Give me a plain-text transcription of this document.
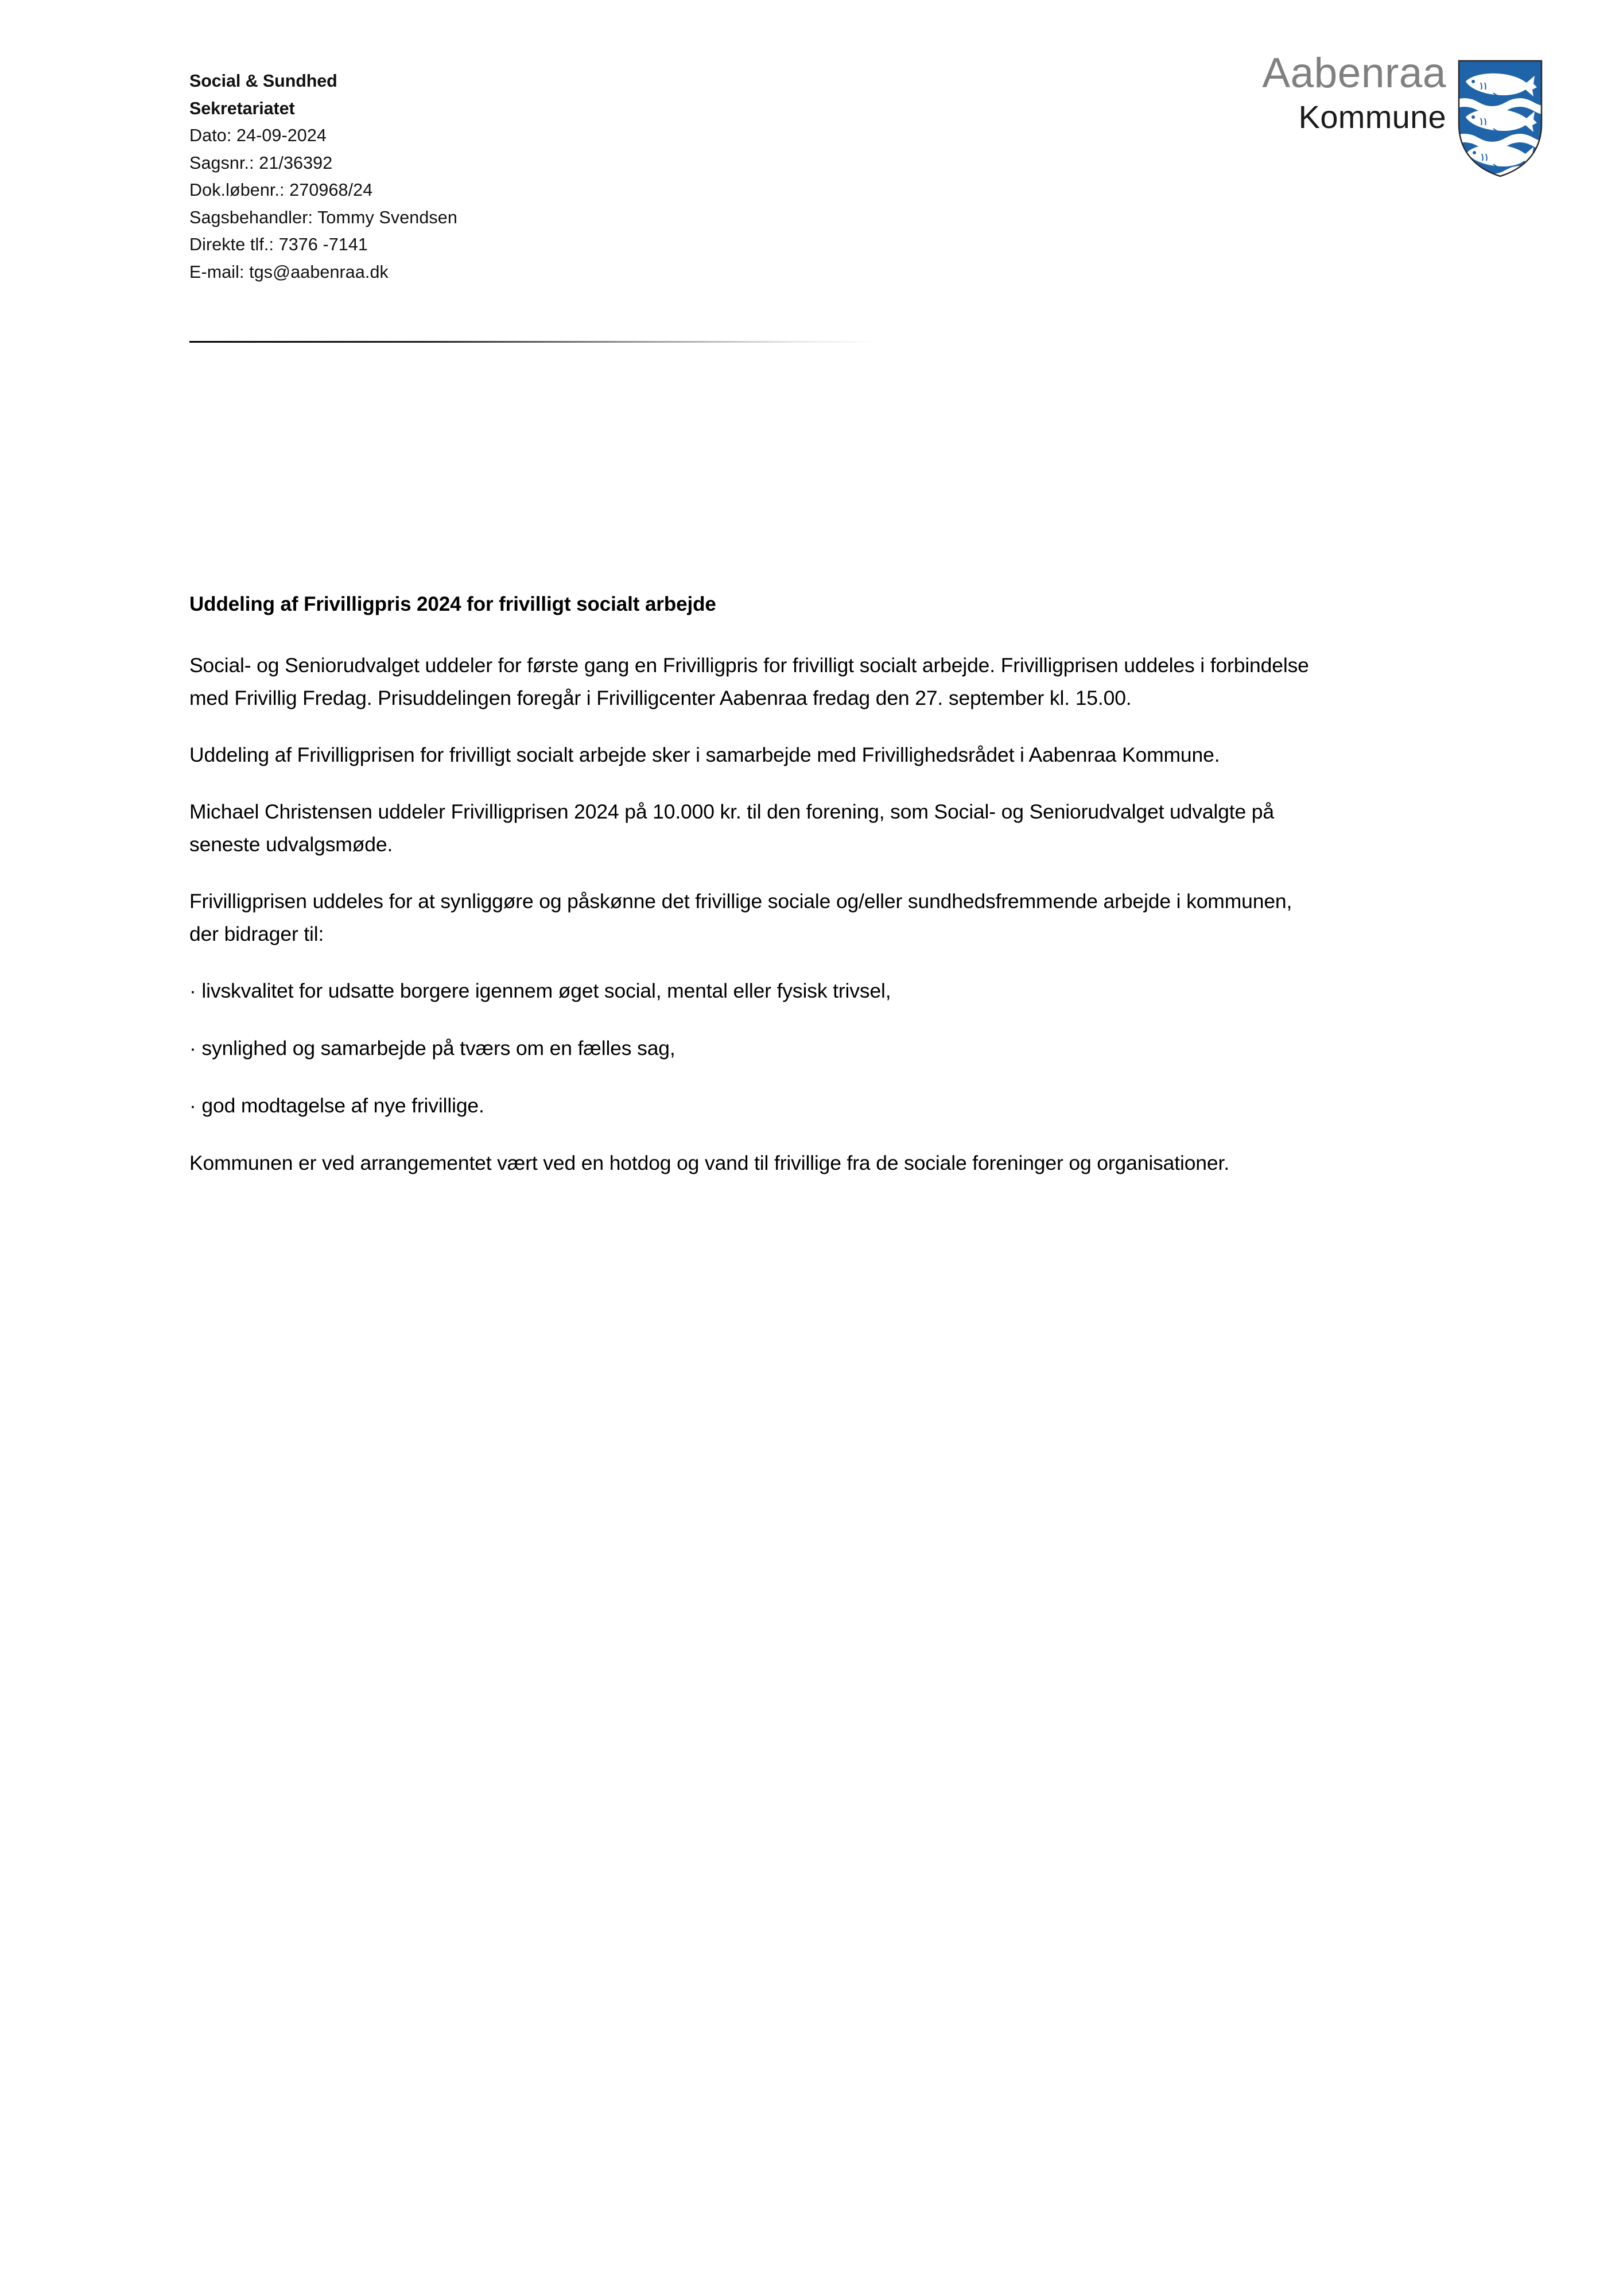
Social & Sundhed
Sekretariatet
Dato: 24-09-2024
Sagsnr.: 21/36392
Dok.løbenr.: 270968/24
Sagsbehandler: Tommy Svendsen
Direkte tlf.: 7376 -7141
E-mail: tgs@aabenraa.dk
Aabenraa
Kommune
Uddeling af Frivilligpris 2024 for frivilligt socialt arbejde

Social- og Seniorudvalget uddeler for første gang en Frivilligpris for frivilligt socialt arbejde. Frivilligprisen uddeles i forbindelse med Frivillig Fredag. Prisuddelingen foregår i Frivilligcenter Aabenraa fredag den 27. september kl. 15.00.

Uddeling af Frivilligprisen for frivilligt socialt arbejde sker i samarbejde med Frivillighedsrådet i Aabenraa Kommune.

Michael Christensen uddeler Frivilligprisen 2024 på 10.000 kr. til den forening, som Social- og Seniorudvalget udvalgte på seneste udvalgsmøde.

Frivilligprisen uddeles for at synliggøre og påskønne det frivillige sociale og/eller sundhedsfremmende arbejde i kommunen, der bidrager til:

· livskvalitet for udsatte borgere igennem øget social, mental eller fysisk trivsel,

· synlighed og samarbejde på tværs om en fælles sag,

· god modtagelse af nye frivillige.

Kommunen er ved arrangementet vært ved en hotdog og vand til frivillige fra de sociale foreninger og organisationer.
